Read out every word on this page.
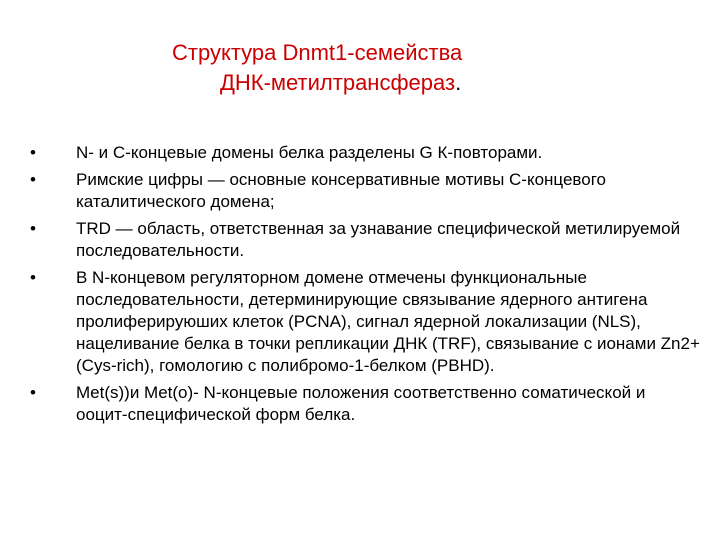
Структура Dnmt1-семейства
ДНК-метилтрансфераз.
•	N- и C-концевые домены белка разделены G К-повторами.
•	Римские цифры — основные консервативные мотивы С-концевого каталитического домена;
•	TRD — область, ответственная за узнавание специфической метилируемой последовательности.
•	В N-концевом регуляторном домене отмечены функциональные последовательности, детерминирующие связывание ядерного антигена пролиферируюших клеток (PCNA), сигнал ядерной локализации (NLS), нацеливание белка в точки репликации ДНК (TRF), связывание с ионами Zn2+ (Cys-rich), гомологию с полибромо-1-белком (PBHD).
•	Met(s))и Met(o)- N-концевые положения соответственно соматической и ооцит-специфической форм белка.
